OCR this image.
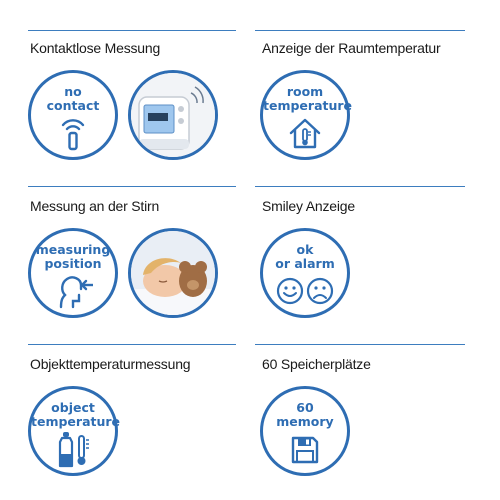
Kontaktlose Messung
no
contact
Anzeige der Raumtemperatur
room
temperature
Messung an der Stirn
measuring
position
Smiley Anzeige
ok
or alarm
Objekttemperaturmessung
object
temperature
60 Speicherplätze
60
memory
